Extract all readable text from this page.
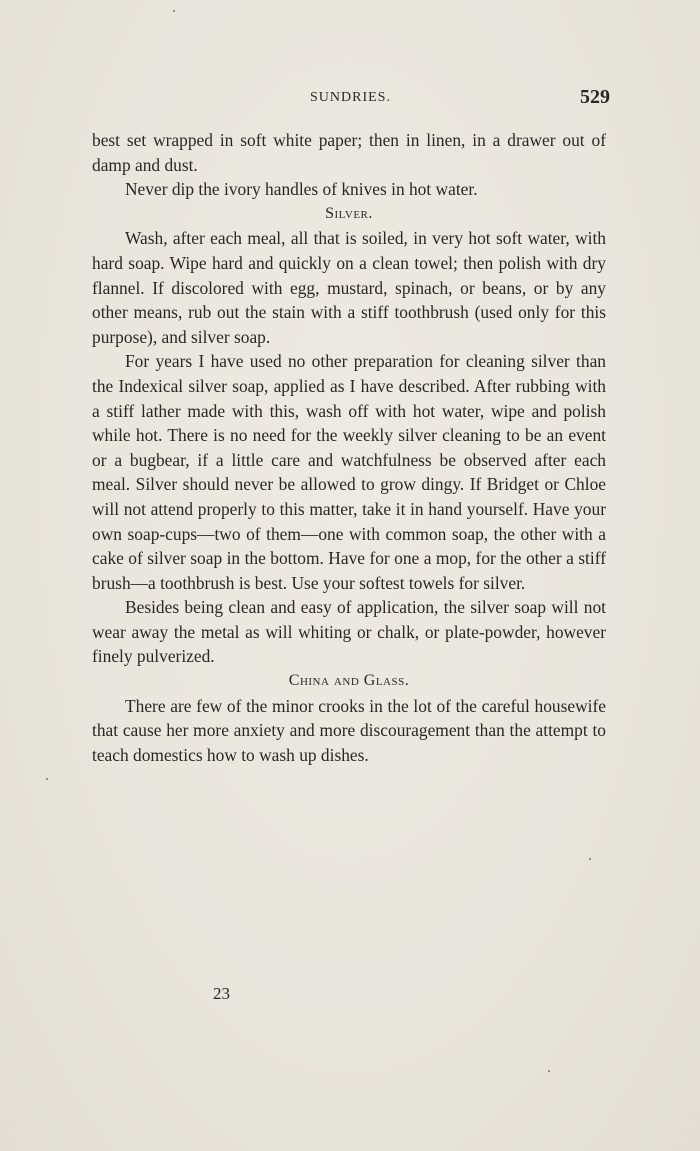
SUNDRIES.	529

best set wrapped in soft white paper; then in linen, in a drawer out of damp and dust.

Never dip the ivory handles of knives in hot water.

Silver.

Wash, after each meal, all that is soiled, in very hot soft water, with hard soap. Wipe hard and quickly on a clean towel; then polish with dry flannel. If discolored with egg, mustard, spinach, or beans, or by any other means, rub out the stain with a stiff toothbrush (used only for this purpose), and silver soap.

For years I have used no other preparation for cleaning silver than the Indexical silver soap, applied as I have described. After rubbing with a stiff lather made with this, wash off with hot water, wipe and polish while hot. There is no need for the weekly silver cleaning to be an event or a bugbear, if a little care and watchfulness be observed after each meal. Silver should never be allowed to grow dingy. If Bridget or Chloe will not attend properly to this matter, take it in hand yourself. Have your own soap-cups—two of them—one with common soap, the other with a cake of silver soap in the bottom. Have for one a mop, for the other a stiff brush—a toothbrush is best. Use your softest towels for silver.

Besides being clean and easy of application, the silver soap will not wear away the metal as will whiting or chalk, or plate-powder, however finely pulverized.

China and Glass.

There are few of the minor crooks in the lot of the careful housewife that cause her more anxiety and more discouragement than the attempt to teach domestics how to wash up dishes.

23
